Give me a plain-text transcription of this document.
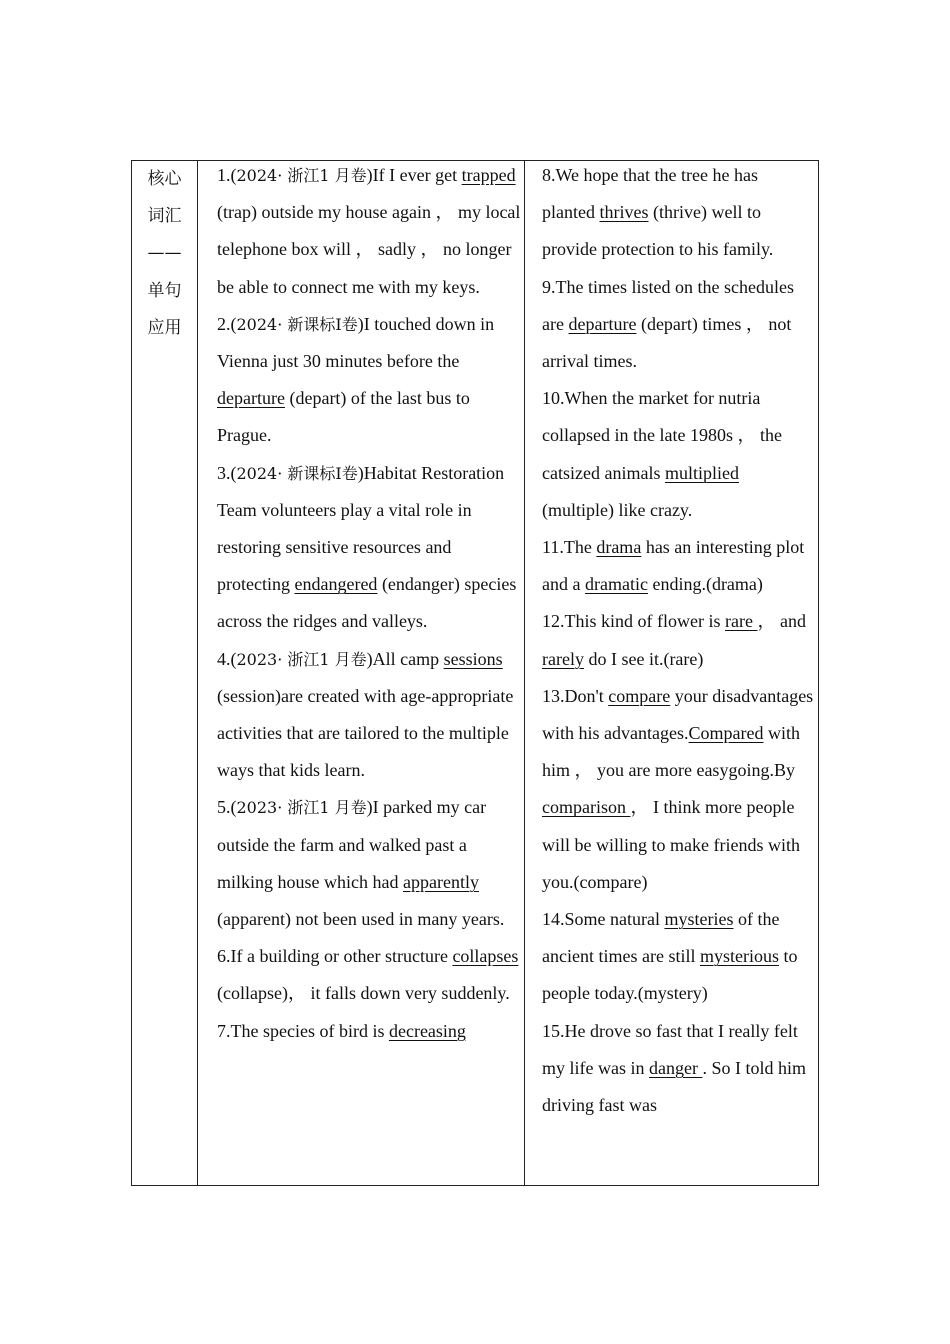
核心
词汇
——
单句
应用

1.(2024· 浙江1 月卷)If I ever get trapped (trap) outside my house again ， my local telephone box will ， sadly ， no longer be able to connect me with my keys.

2.(2024· 新课标Ⅰ卷)I touched down in Vienna just 30 minutes before the departure (depart) of the last bus to Prague.

3.(2024· 新课标Ⅰ卷)Habitat Restoration Team volunteers play a vital role in restoring sensitive resources and protecting endangered (endanger) species across the ridges and valleys.

4.(2023· 浙江1 月卷)All camp sessions (session)are created with age-appropriate activities that are tailored to the multiple ways that kids learn.

5.(2023· 浙江1 月卷)I parked my car outside the farm and walked past a milking house which had apparently (apparent) not been used in many years.

6.If a building or other structure collapses (collapse)， it falls down very suddenly.

7.The species of bird is decreasing

8.We hope that the tree he has planted thrives (thrive) well to provide protection to his family.

9.The times listed on the schedules are departure (depart) times ， not arrival times.

10.When the market for nutria collapsed in the late 1980s ， the catsized animals multiplied (multiple) like crazy.

11.The drama has an interesting plot and a dramatic ending.(drama)

12.This kind of flower is rare ， and rarely do I see it.(rare)

13.Don't compare your disadvantages with his advantages.Compared with him ， you are more easygoing.By comparison ， I think more people will be willing to make friends with you.(compare)

14.Some natural mysteries of the ancient times are still mysterious to people today.(mystery)

15.He drove so fast that I really felt my life was in danger . So I told him driving fast was
